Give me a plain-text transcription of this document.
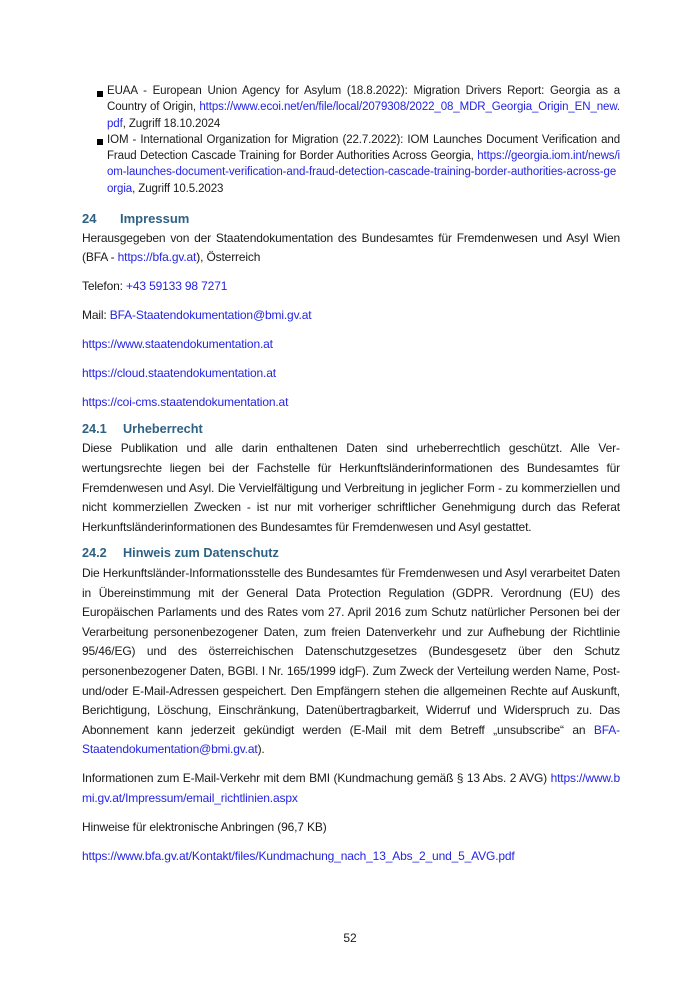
EUAA - European Union Agency for Asylum (18.8.2022): Migration Drivers Report: Georgia as a Country of Origin, https://www.ecoi.net/en/file/local/2079308/2022_08_MDR_Georgia_Origin_EN_new.pdf, Zugriff 18.10.2024
IOM - International Organization for Migration (22.7.2022): IOM Launches Document Verification and Fraud Detection Cascade Training for Border Authorities Across Georgia, https://georgia.iom.int/news/iom-launches-document-verification-and-fraud-detection-cascade-training-border-authorities-across-georgia, Zugriff 10.5.2023
24 Impressum

Herausgegeben von der Staatendokumentation des Bundesamtes für Fremdenwesen und Asyl Wien (BFA - https://bfa.gv.at), Österreich

Telefon: +43 59133 98 7271

Mail: BFA-Staatendokumentation@bmi.gv.at

https://www.staatendokumentation.at

https://cloud.staatendokumentation.at

https://coi-cms.staatendokumentation.at

24.1 Urheberrecht

Diese Publikation und alle darin enthaltenen Daten sind urheberrechtlich geschützt. Alle Verwertungsrechte liegen bei der Fachstelle für Herkunftsländerinformationen des Bundesamtes für Fremdenwesen und Asyl. Die Vervielfältigung und Verbreitung in jeglicher Form - zu kommerziellen und nicht kommerziellen Zwecken - ist nur mit vorheriger schriftlicher Genehmigung durch das Referat Herkunftsländerinformationen des Bundesamtes für Fremdenwesen und Asyl gestattet.

24.2 Hinweis zum Datenschutz

Die Herkunftsländer-Informationsstelle des Bundesamtes für Fremdenwesen und Asyl verarbeitet Daten in Übereinstimmung mit der General Data Protection Regulation (GDPR. Verordnung (EU) des Europäischen Parlaments und des Rates vom 27. April 2016 zum Schutz natürlicher Personen bei der Verarbeitung personenbezogener Daten, zum freien Datenverkehr und zur Aufhebung der Richtlinie 95/46/EG) und des österreichischen Datenschutzgesetzes (Bundesgesetz über den Schutz personenbezogener Daten, BGBl. I Nr. 165/1999 idgF). Zum Zweck der Verteilung werden Name, Post- und/oder E-Mail-Adressen gespeichert. Den Empfängern stehen die allgemeinen Rechte auf Auskunft, Berichtigung, Löschung, Einschränkung, Datenübertragbarkeit, Widerruf und Widerspruch zu. Das Abonnement kann jederzeit gekündigt werden (E-Mail mit dem Betreff „unsubscribe“ an BFA-Staatendokumentation@bmi.gv.at).

Informationen zum E-Mail-Verkehr mit dem BMI (Kundmachung gemäß § 13 Abs. 2 AVG) https://www.bmi.gv.at/Impressum/email_richtlinien.aspx

Hinweise für elektronische Anbringen (96,7 KB)

https://www.bfa.gv.at/Kontakt/files/Kundmachung_nach_13_Abs_2_und_5_AVG.pdf

52
